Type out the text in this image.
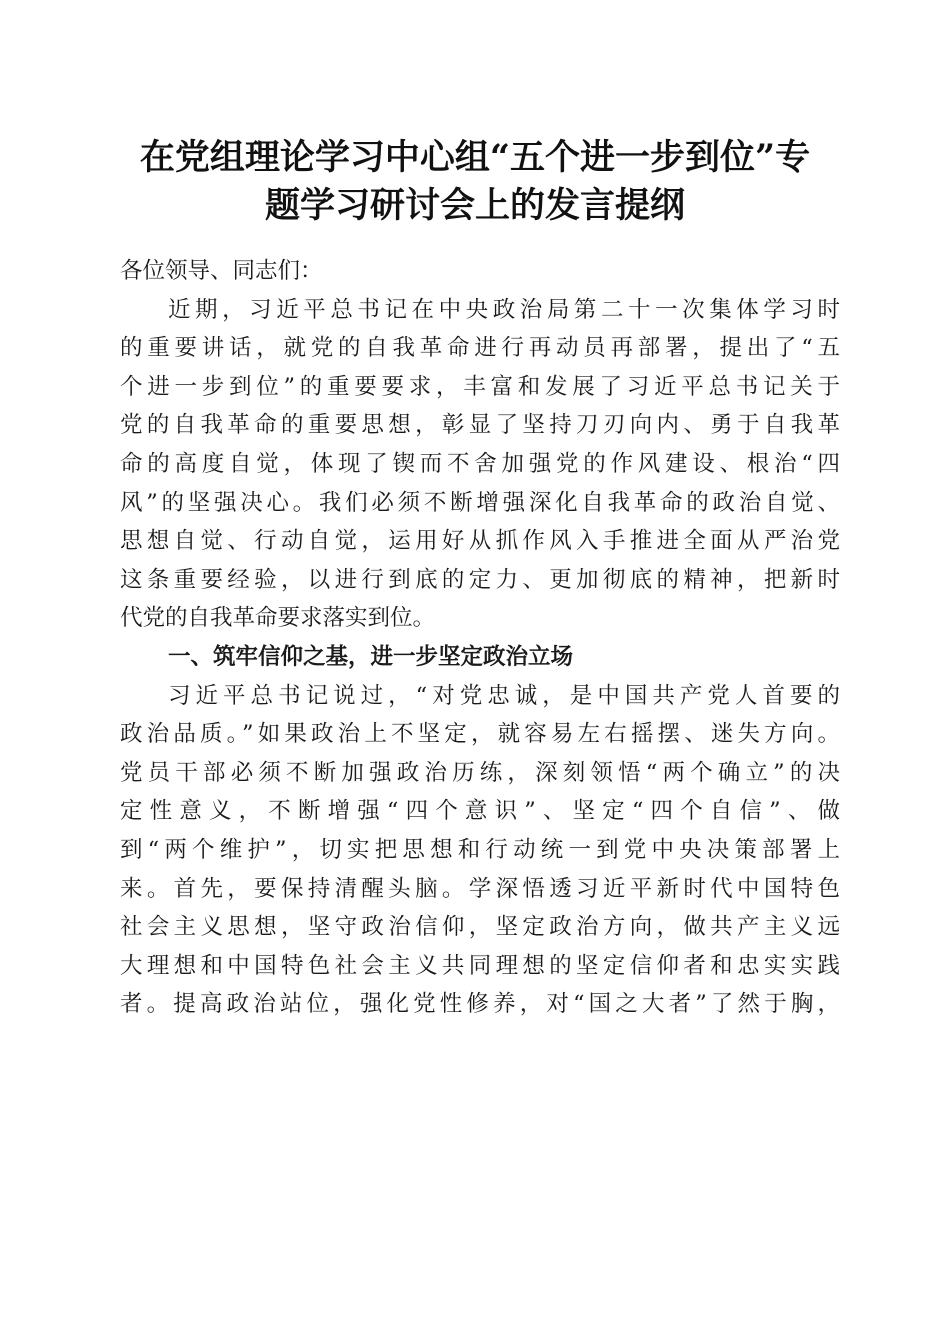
在党组理论学习中心组“五个进一步到位”专
题学习研讨会上的发言提纲
各位领导、同志们：
近期，习近平总书记在中央政治局第二十一次集体学习时
的重要讲话，就党的自我革命进行再动员再部署，提出了“五
个进一步到位”的重要要求，丰富和发展了习近平总书记关于
党的自我革命的重要思想，彰显了坚持刀刃向内、勇于自我革
命的高度自觉，体现了锲而不舍加强党的作风建设、根治“四
风”的坚强决心。我们必须不断增强深化自我革命的政治自觉、
思想自觉、行动自觉，运用好从抓作风入手推进全面从严治党
这条重要经验，以进行到底的定力、更加彻底的精神，把新时
代党的自我革命要求落实到位。
一、筑牢信仰之基，进一步坚定政治立场
习近平总书记说过，“对党忠诚，是中国共产党人首要的
政治品质。”如果政治上不坚定，就容易左右摇摆、迷失方向。
党员干部必须不断加强政治历练，深刻领悟“两个确立”的决
定性意义，不断增强“四个意识”、坚定“四个自信”、做
到“两个维护”，切实把思想和行动统一到党中央决策部署上
来。首先，要保持清醒头脑。学深悟透习近平新时代中国特色
社会主义思想，坚守政治信仰，坚定政治方向，做共产主义远
大理想和中国特色社会主义共同理想的坚定信仰者和忠实实践
者。提高政治站位，强化党性修养，对“国之大者”了然于胸，
